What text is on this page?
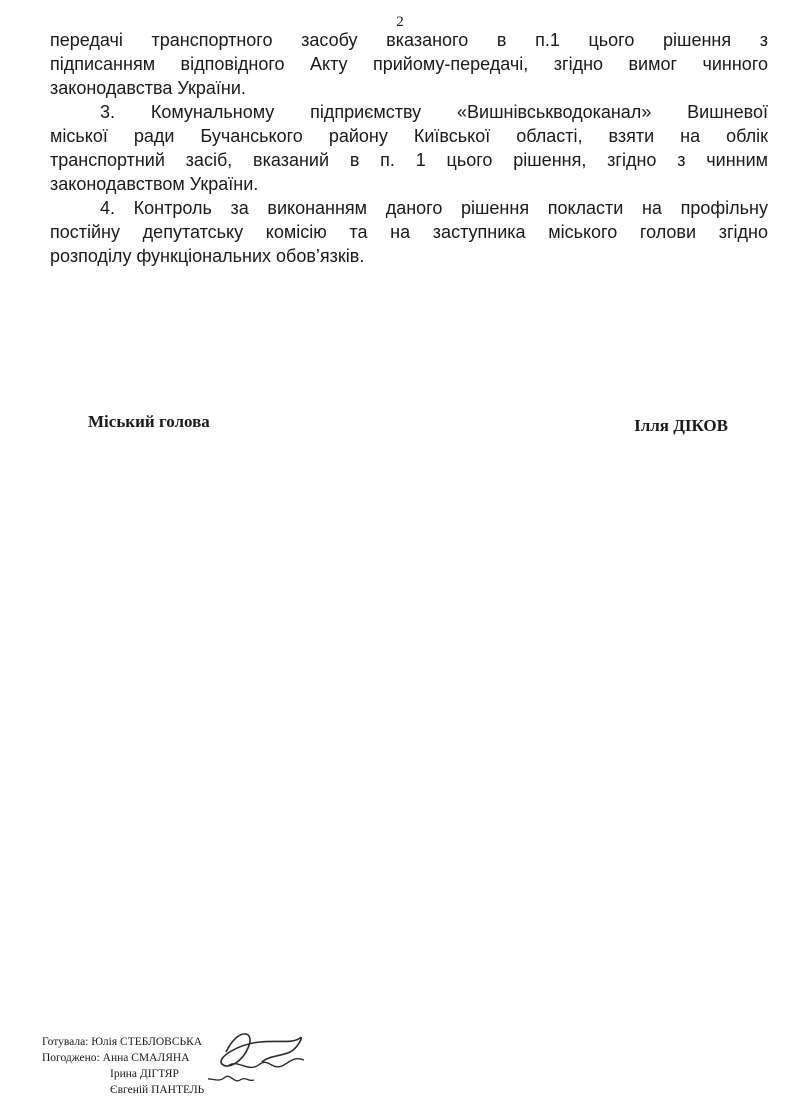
2

передачі транспортного засобу вказаного в п.1 цього рішення з
підписанням відповідного Акту прийому-передачі, згідно вимог чинного
законодавства України.

3. Комунальному підприємству «Вишнівськводоканал» Вишневої
міської ради Бучанського району Київської області, взяти на облік
транспортний засіб, вказаний в п. 1 цього рішення, згідно з чинним
законодавством України.

4. Контроль за виконанням даного рішення покласти на профільну
постійну депутатську комісію та на заступника міського голови згідно
розподілу функціональних обов’язків.

Міський голова	Ілля ДІКОВ
Готувала: Юлія СТЕБЛОВСЬКА
Погоджено: Анна СМАЛЯНА
Ірина ДІГТЯР
Євгеній ПАНТЕЛЬ
